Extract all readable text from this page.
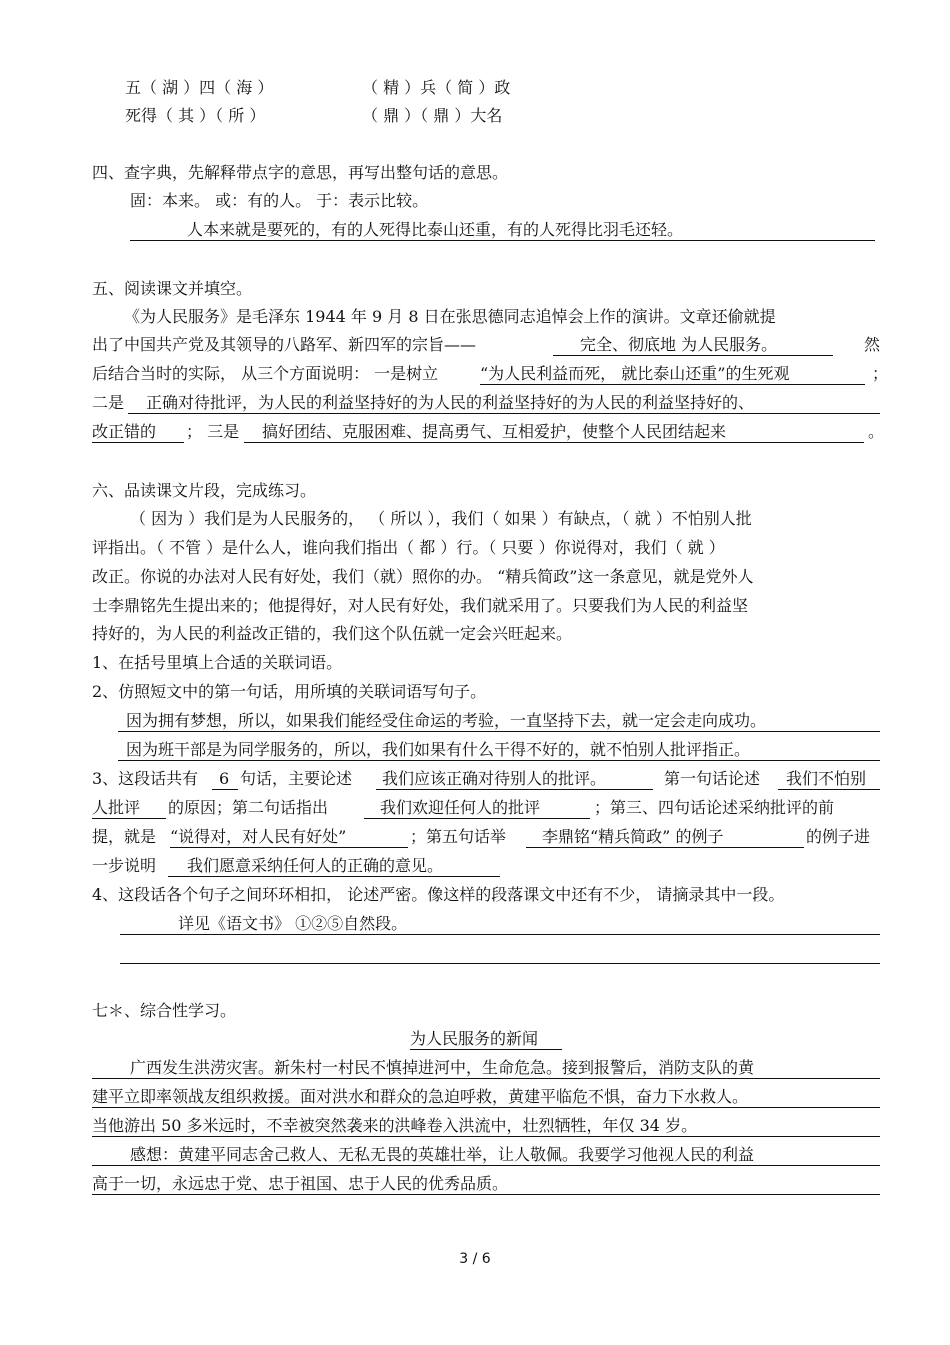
五（ 湖 ）四（ 海 ）	（ 精 ）兵（ 简 ）政
死得（ 其 ）（ 所 ）	（ 鼎 ）（ 鼎 ）大名
四、查字典，先解释带点字的意思，再写出整句话的意思。
固：本来。 或：有的人。 于：表示比较。
人本来就是要死的，有的人死得比泰山还重，有的人死得比羽毛还轻。
五、阅读课文并填空。
《为人民服务》是毛泽东 1944 年 9 月 8 日在张思德同志追悼会上作的演讲。文章还偷就提
出了中国共产党及其领导的八路军、新四军的宗旨——	完全、彻底地 为人民服务。	然
后结合当时的实际， 从三个方面说明： 一是树立	“为人民利益而死， 就比泰山还重”的生死观	；
二是 正确对待批评，为人民的利益坚持好的为人民的利益坚持好的为人民的利益坚持好的、
改正错的 ； 三是 搞好团结、克服困难、提高勇气、互相爱护，使整个人民团结起来	。
六、品读课文片段，完成练习。
（ 因为 ）我们是为人民服务的， （ 所以 ），我们（ 如果 ）有缺点，（ 就 ）不怕别人批
评指出。（ 不管 ）是什么人，谁向我们指出（ 都 ）行。（ 只要 ）你说得对，我们（ 就 ）
改正。你说的办法对人民有好处，我们（就）照你的办。 “精兵简政”这一条意见，就是党外人
士李鼎铭先生提出来的；他提得好，对人民有好处，我们就采用了。只要我们为人民的利益坚
持好的，为人民的利益改正错的，我们这个队伍就一定会兴旺起来。
1、在括号里填上合适的关联词语。
2、仿照短文中的第一句话，用所填的关联词语写句子。
因为拥有梦想，所以，如果我们能经受住命运的考验，一直坚持下去，就一定会走向成功。
因为班干部是为同学服务的，所以，我们如果有什么干得不好的，就不怕别人批评指正。
3、这段话共有 6 句话，主要论述 我们应该正确对待别人的批评。	第一句话论述 我们不怕别
人批评 的原因；第二句话指出	我们欢迎任何人的批评	；第三、四句话论述采纳批评的前
提，就是 “说得对，对人民有好处”	；第五句话举 李鼎铭“精兵简政” 的例子	的例子进
一步说明 我们愿意采纳任何人的正确的意见。
4、这段话各个句子之间环环相扣， 论述严密。像这样的段落课文中还有不少， 请摘录其中一段。
详见《语文书》 ①②⑤自然段。
七＊、综合性学习。
为人民服务的新闻
广西发生洪涝灾害。新朱村一村民不慎掉进河中，生命危急。接到报警后，消防支队的黄
建平立即率领战友组织救援。面对洪水和群众的急迫呼救，黄建平临危不惧，奋力下水救人。
当他游出 50 多米远时，不幸被突然袭来的洪峰卷入洪流中，壮烈牺牲，年仅 34 岁。
感想：黄建平同志舍己救人、无私无畏的英雄壮举，让人敬佩。我要学习他视人民的利益
高于一切，永远忠于党、忠于祖国、忠于人民的优秀品质。
3 / 6
